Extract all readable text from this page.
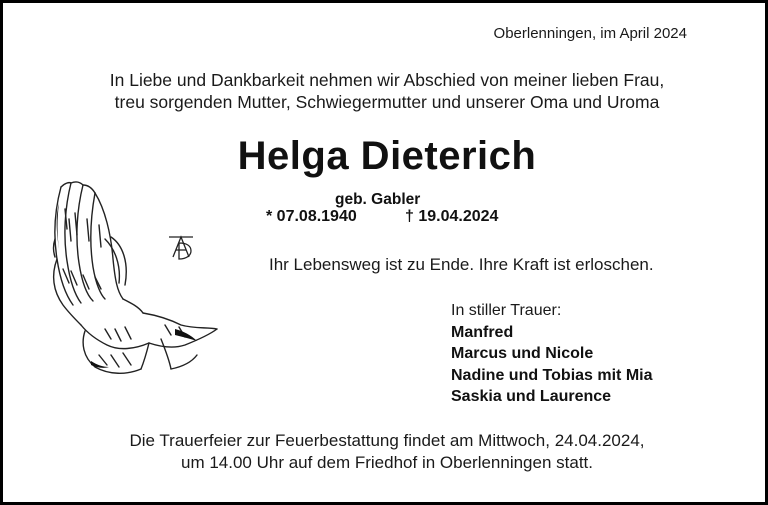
Oberlenningen, im April 2024
In Liebe und Dankbarkeit nehmen wir Abschied von meiner lieben Frau,
treu sorgenden Mutter, Schwiegermutter und unserer Oma und Uroma
Helga Dieterich
geb. Gabler
* 07.08.1940	† 19.04.2024
Ihr Lebensweg ist zu Ende. Ihre Kraft ist erloschen.
In stiller Trauer:
Manfred
Marcus und Nicole
Nadine und Tobias mit Mia
Saskia und Laurence
Die Trauerfeier zur Feuerbestattung findet am Mittwoch, 24.04.2024,
um 14.00 Uhr auf dem Friedhof in Oberlenningen statt.
